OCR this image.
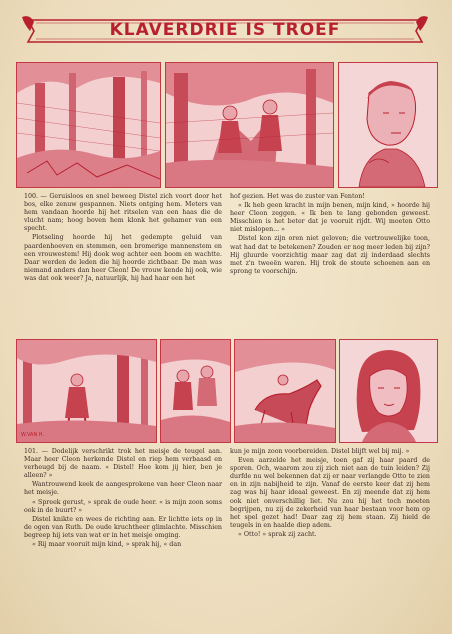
KLAVERDRIE IS TROEF

100. — Geruisloos en snel beweeg Distel zich voort door het bos, elke zenuw gespannen. Niets ontging hem. Meters van hem vandaan hoorde hij het ritselen van een haas die de vlucht nam; hoog boven hem klonk het gehamer van een specht.

Plotseling hoorde hij het gedempte geluid van paardenhoeven en stemmen, een bromerige mannenstem en een vrouwestem! Hij dook weg achter een boom en wachtte. Daar werden de leden die hij hoorde zichtbaar. De man was niemand anders dan heer Cleon! De vrouw kende hij ook, wie was dat ook weer? Ja, natuurlijk, hij had haar een het

hof gezien. Het was de zuster van Fenton!

« Ik heb geen kracht in mijn benen, mijn kind, » hoorde hij heer Cleon zeggen. « Ik ben te lang gebonden geweest. Misschien is het beter dat je vooruit rijdt. Wij moeten Otto niet mislopen... »

Distel kon zijn oren niet geloven; die vertrouwelijke toon, wat had dat te betekenen? Zouden er nog meer leden bij zijn? Hij gluurde voorzichtig maar zag dat zij inderdaad slechts met z'n tweeën waren. Hij trok de stoute schoenen aan en sprong te voorschijn.

W.VAN H.

101. — Dodelijk verschrikt trok het meisje de teugel aan. Maar heer Cleon herkende Distel en riep hem verbaasd en verheugd bij de naam. « Distel! Hoe kom jij hier, ben je alleen? »

Wantrouwend keek de aangesprokene van heer Cleon naar het meisje.

« Spreek gerust, » sprak de oude heer. « is mijn zoon soms ook in de buurt? »

Distel knikte en wees de richting aan. Er lichtte iets op in de ogen van Ruth. De oude kruchtheer glimlachte. Misschien begreep hij iets van wat er in het meisje omging.

« Rij maar vooruit mijn kind, » sprak hij, « dan

kun je mijn zoon voorbereiden. Distel blijft wel bij mij. »

Even aarzelde het meisje, toen gaf zij haar paard de sporen. Och, waarom zou zij zich niet aan de tuin leiden? Zij durfde nu wel bekennen dat zij er naar verlangde Otto te zien en in zijn nabijheid te zijn. Vanaf de eerste keer dat zij hem zag was hij haar ideaal geweest. En zij meende dat zij hem ook niet onverschillig liet. Nu zou hij het toch moeten begrijpen, nu zij de zekerheid van haar bestaan voor hem op het spel gezet had! Daar zag zij hem staan. Zij hield de teugels in en haalde diep adem.

« Otto! » sprak zij zacht.
